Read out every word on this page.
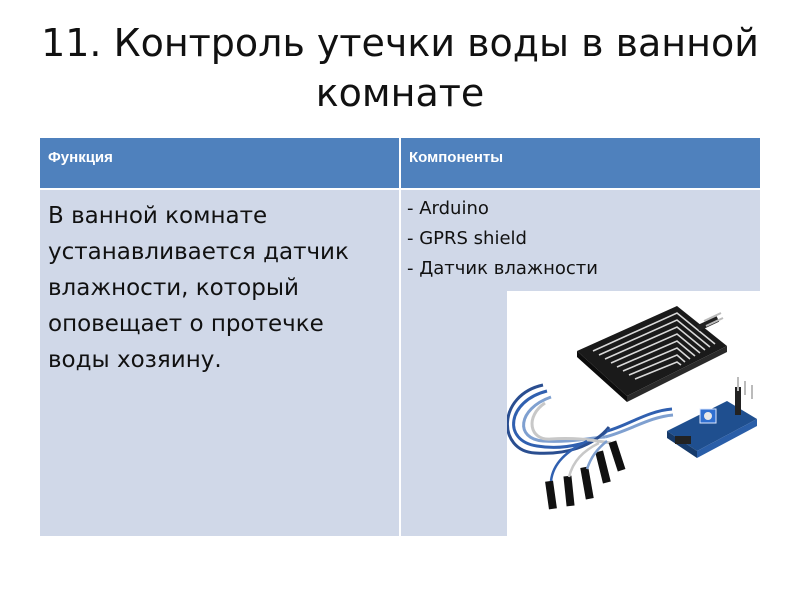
11. Контроль утечки воды в ванной комнате
Функция	Компоненты
В ванной комнате устанавливается датчик влажности, который оповещает о протечке воды хозяину.
- Arduino
- GPRS shield
- Датчик влажности
